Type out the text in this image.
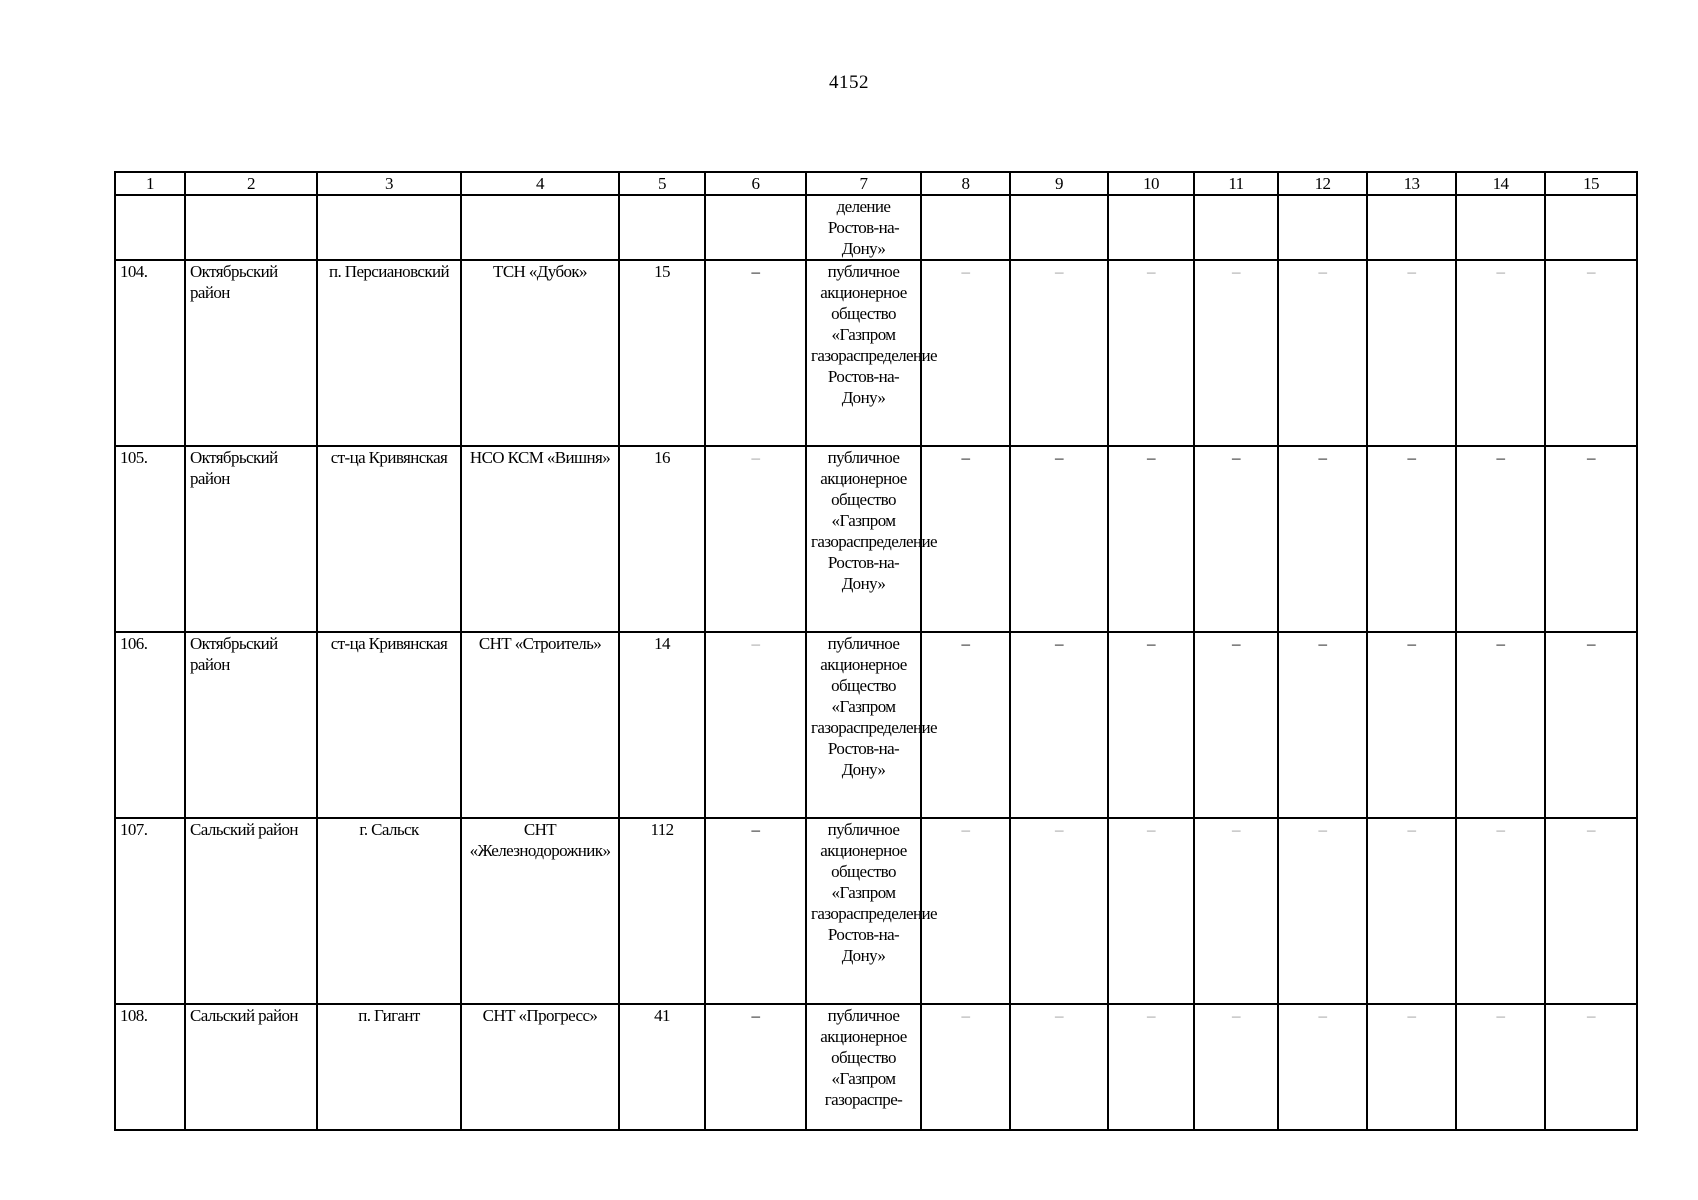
4152
1	2	3	4	5	6	7	8	9	10	11	12	13	14	15
						деление Ростов-на-Дону»								
104.	Октябрьский район	п. Персиановский	ТСН «Дубок»	15	–	публичное акционерное общество «Газпром газораспределение Ростов-на-Дону»	–	–	–	–	–	–	–	–
105.	Октябрьский район	ст-ца Кривянская	НСО КСМ «Вишня»	16	–	публичное акционерное общество «Газпром газораспределение Ростов-на-Дону»	–	–	–	–	–	–	–	–
106.	Октябрьский район	ст-ца Кривянская	СНТ «Строитель»	14	–	публичное акционерное общество «Газпром газораспределение Ростов-на-Дону»	–	–	–	–	–	–	–	–
107.	Сальский район	г. Сальск	СНТ «Железнодорожник»	112	–	публичное акционерное общество «Газпром газораспределение Ростов-на-Дону»	–	–	–	–	–	–	–	–
108.	Сальский район	п. Гигант	СНТ «Прогресс»	41	–	публичное акционерное общество «Газпром газораспре-	–	–	–	–	–	–	–	–
